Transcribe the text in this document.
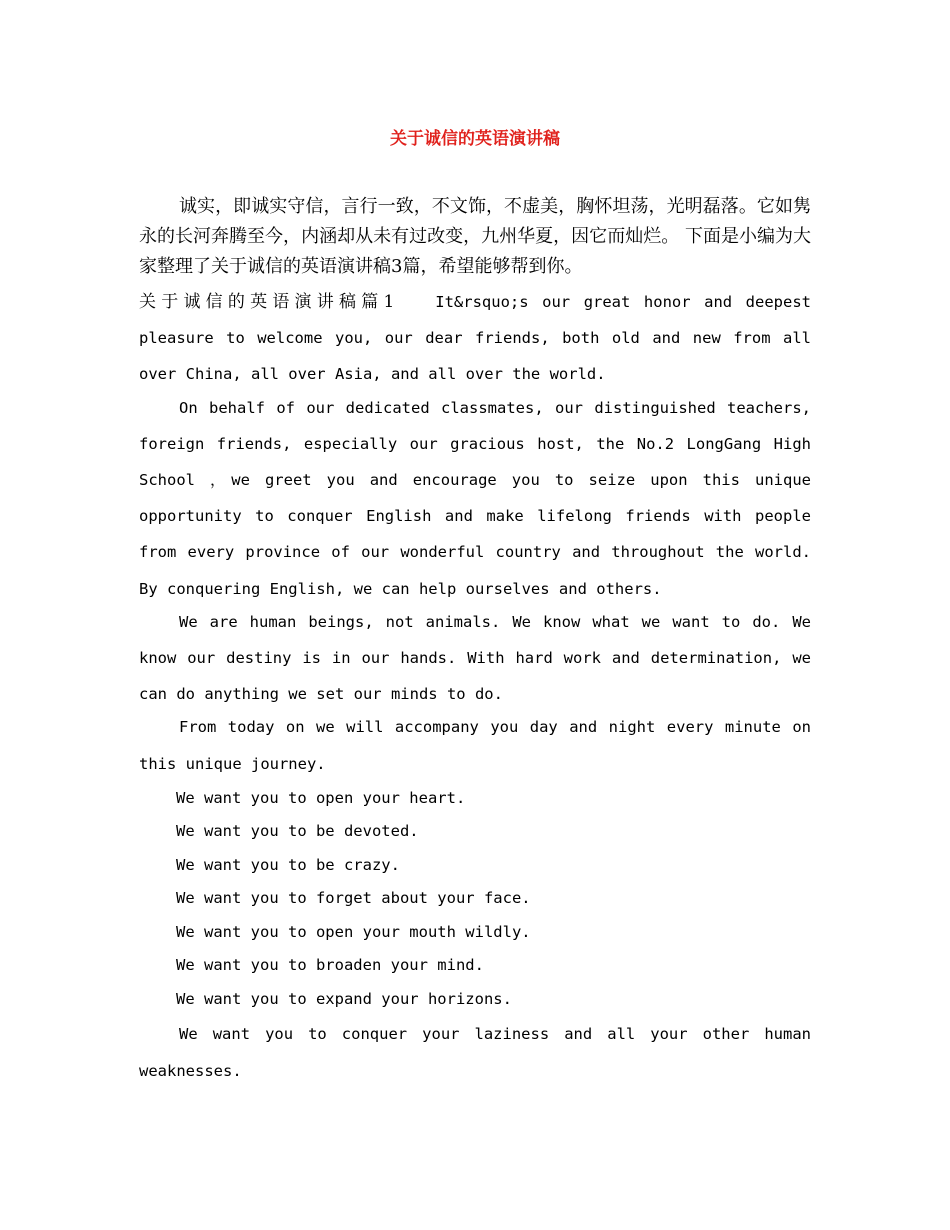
关于诚信的英语演讲稿

诚实，即诚实守信，言行一致，不文饰，不虚美，胸怀坦荡，光明磊落。它如隽永的长河奔腾至今，内涵却从未有过改变，九州华夏，因它而灿烂。 下面是小编为大家整理了关于诚信的英语演讲稿3篇，希望能够帮到你。

关于诚信的英语演讲稿篇1	It&rsquo;s our great honor and deepest pleasure to welcome you, our dear friends, both old and new from all over China, all over Asia, and all over the world.

On behalf of our dedicated classmates, our distinguished teachers, foreign friends, especially our gracious host, the No.2 LongGang High School ，we greet you and encourage you to seize upon this unique opportunity to conquer English and make lifelong friends with people from every province of our wonderful country and throughout the world. By conquering English, we can help ourselves and others.

We are human beings, not animals. We know what we want to do. We know our destiny is in our hands. With hard work and determination, we can do anything we set our minds to do.

From today on we will accompany you day and night every minute on this unique journey.

We want you to open your heart.

We want you to be devoted.

We want you to be crazy.

We want you to forget about your face.

We want you to open your mouth wildly.

We want you to broaden your mind.

We want you to expand your horizons.

We want you to conquer your laziness and all your other human weaknesses.
